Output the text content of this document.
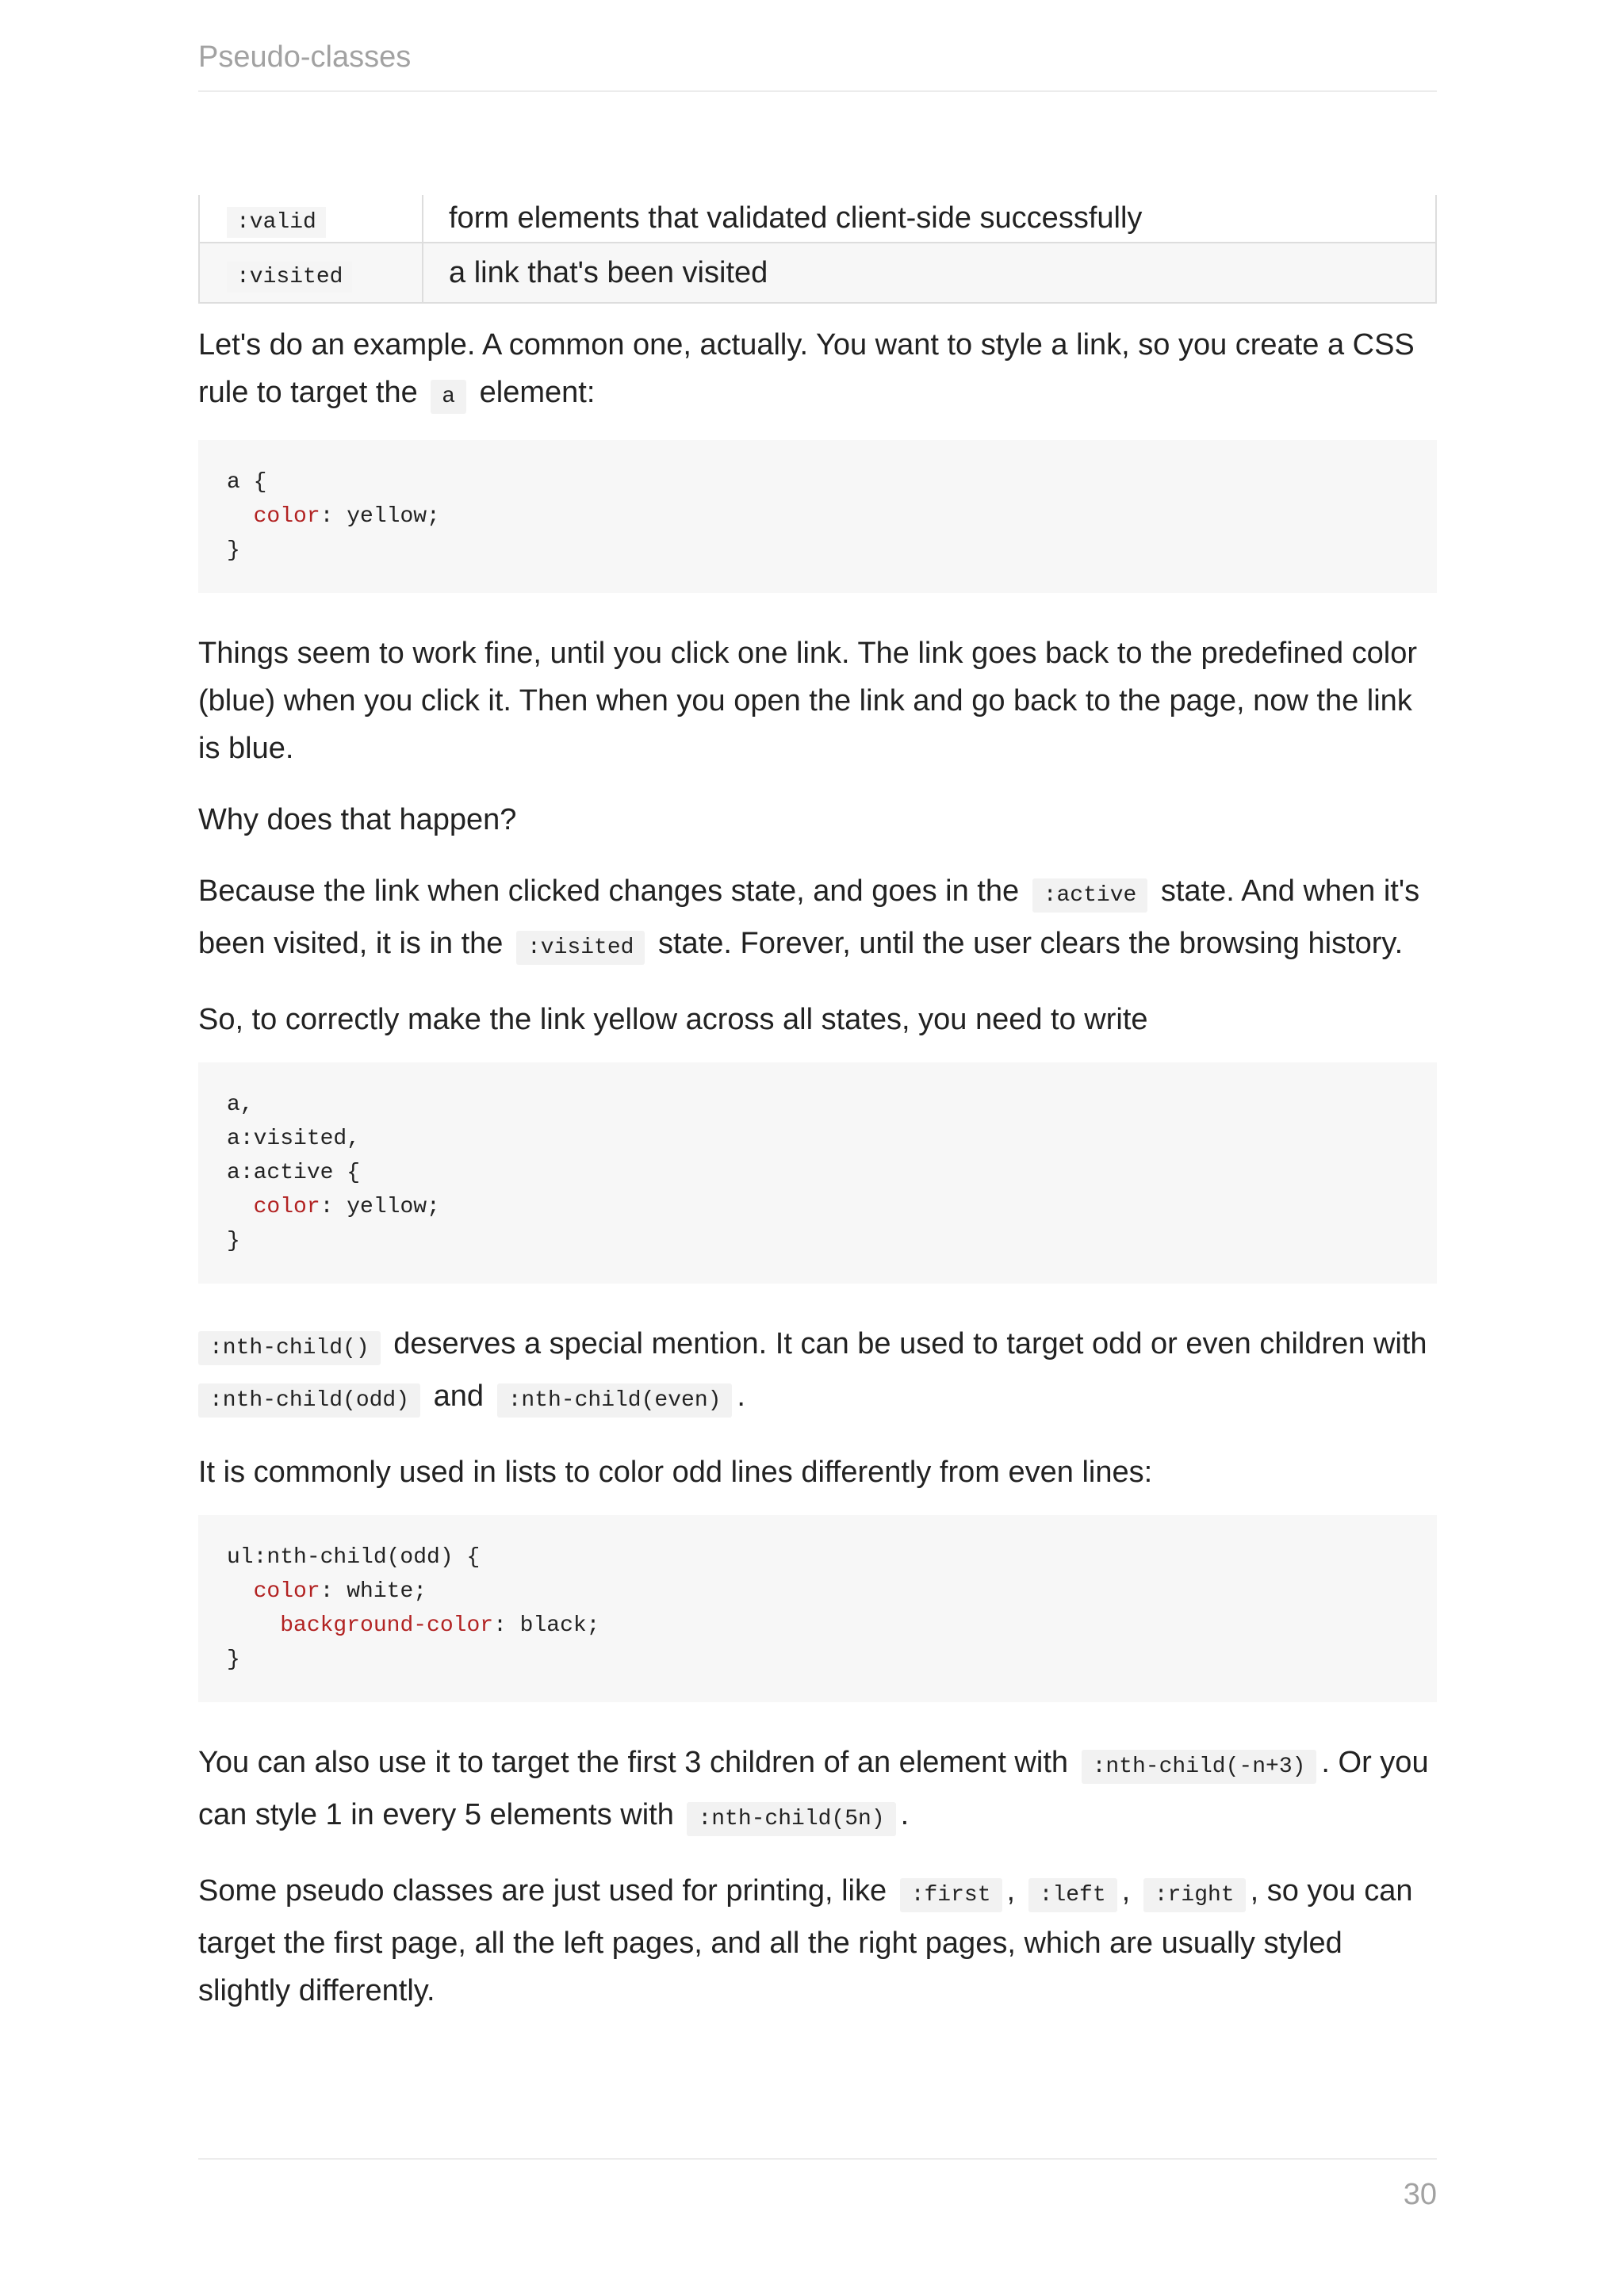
Pseudo-classes
:valid	form elements that validated client-side successfully
:visited	a link that's been visited

Let's do an example. A common one, actually. You want to style a link, so you create a CSS rule to target the a element:

a {
color: yellow;
}

Things seem to work fine, until you click one link. The link goes back to the predefined color (blue) when you click it. Then when you open the link and go back to the page, now the link is blue.

Why does that happen?

Because the link when clicked changes state, and goes in the :active state. And when it's been visited, it is in the :visited state. Forever, until the user clears the browsing history.

So, to correctly make the link yellow across all states, you need to write

a,
a:visited,
a:active {
color: yellow;
}

:nth-child() deserves a special mention. It can be used to target odd or even children with :nth-child(odd) and :nth-child(even) .

It is commonly used in lists to color odd lines differently from even lines:

ul:nth-child(odd) {
color: white;
background-color: black;
}

You can also use it to target the first 3 children of an element with :nth-child(-n+3) . Or you can style 1 in every 5 elements with :nth-child(5n) .

Some pseudo classes are just used for printing, like :first , :left , :right , so you can target the first page, all the left pages, and all the right pages, which are usually styled slightly differently.

30
